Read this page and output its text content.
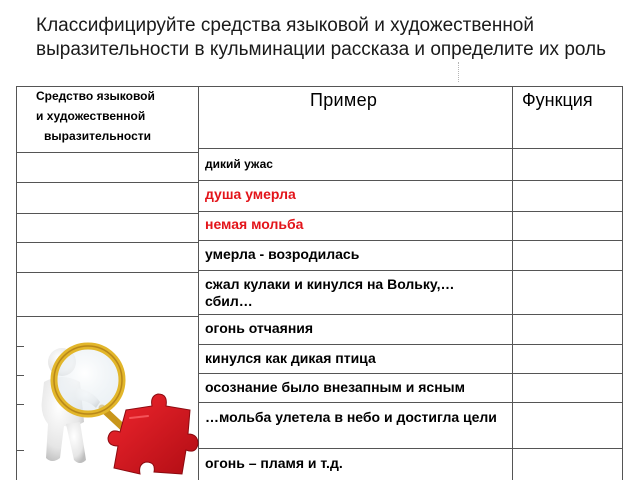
Классифицируйте средства языковой и художественной выразительности в кульминации рассказа и определите их роль
Средство языковой
и художественной
выразительности
Пример	Функция
дикий ужас
душа умерла
немая мольба
умерла - возродилась
сжал кулаки и кинулся на Вольку,… сбил…
огонь отчаяния
кинулся как дикая птица
осознание было внезапным и ясным
…мольба улетела в небо и достигла цели
огонь – пламя и т.д.
